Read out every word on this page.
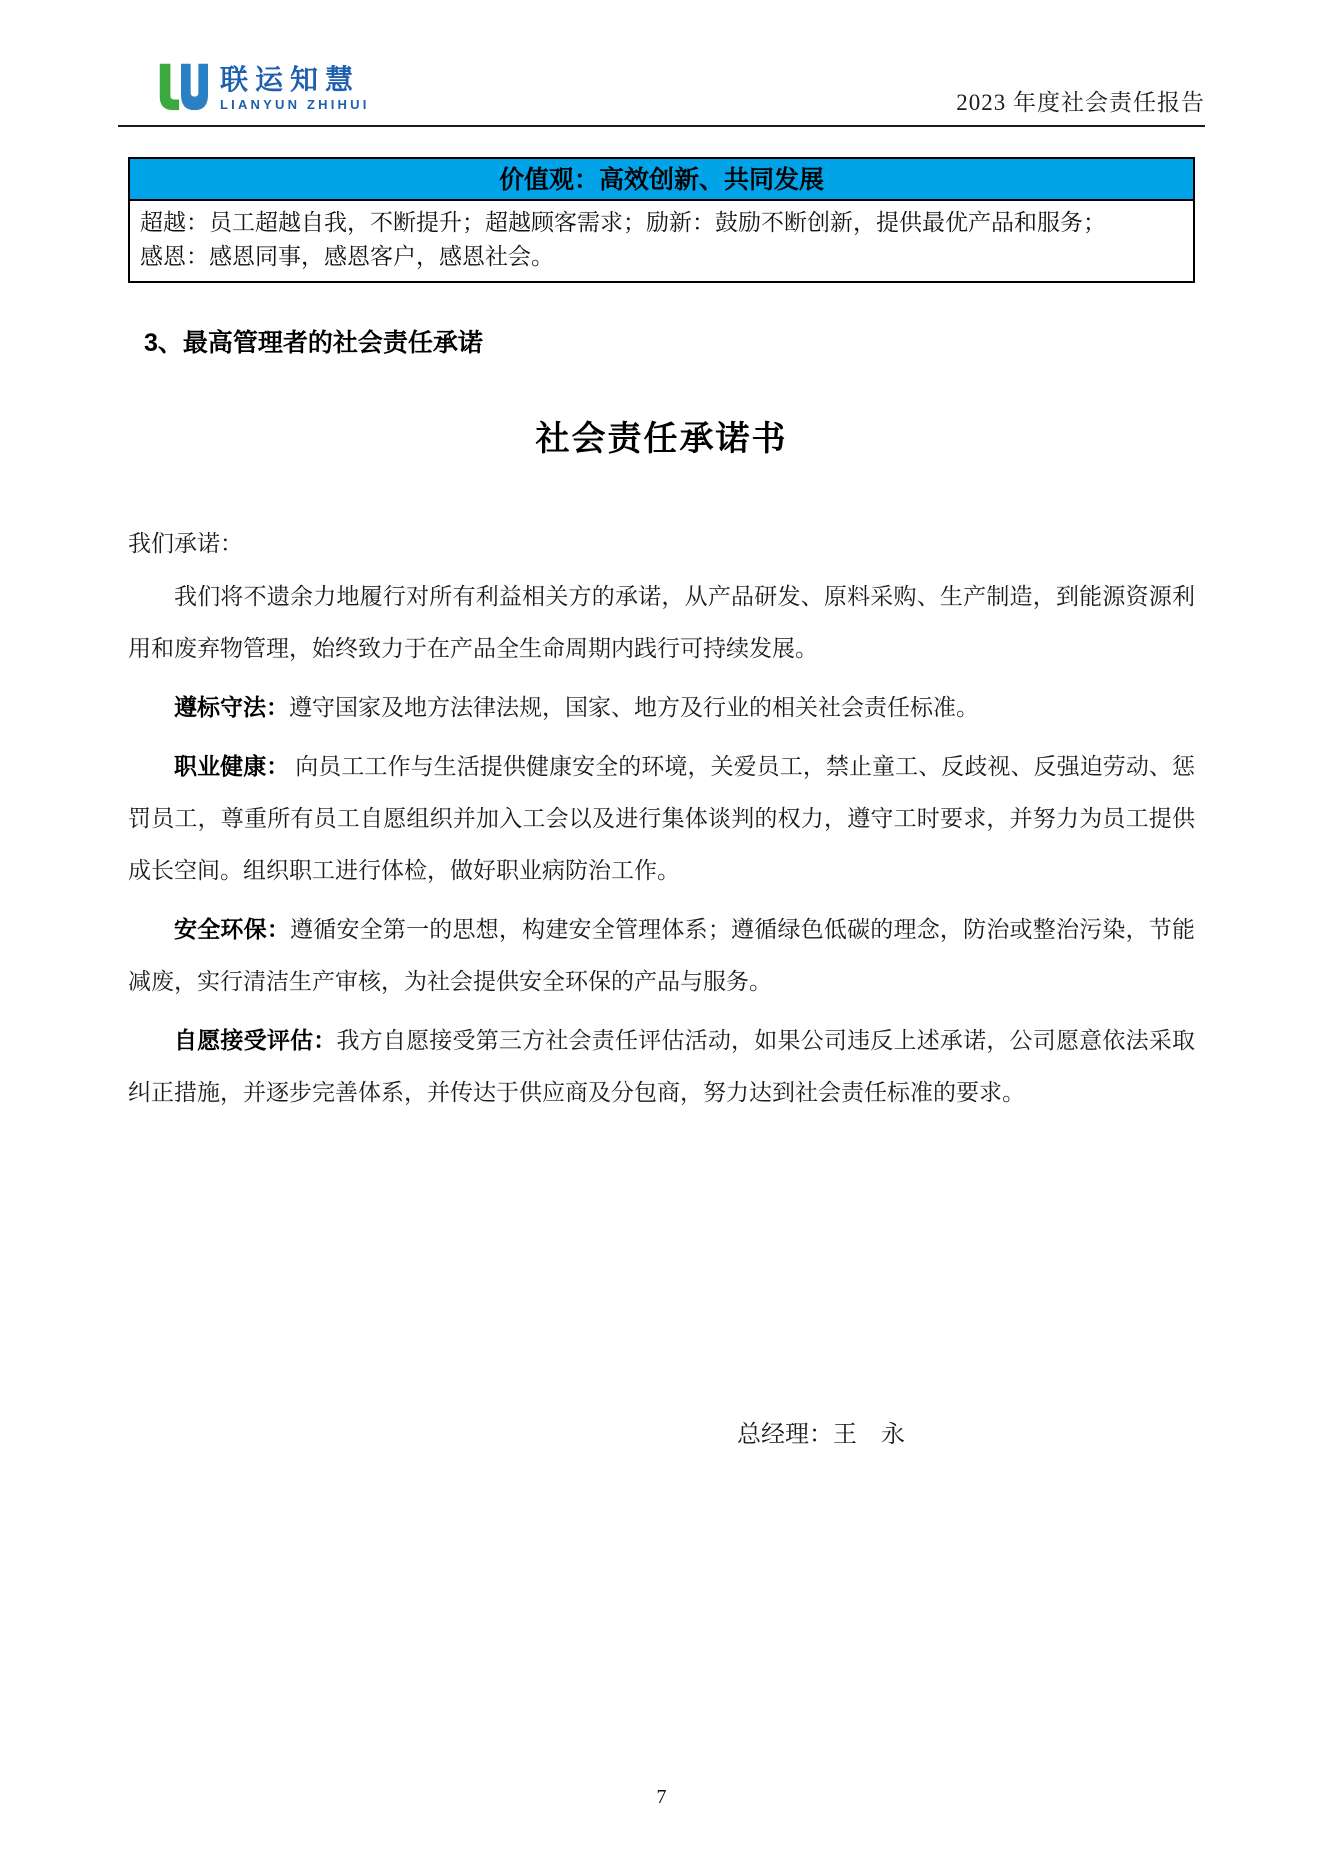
联运知慧
LIANYUN ZHIHUI	2023 年度社会责任报告
价值观：高效创新、共同发展
超越：员工超越自我，不断提升；超越顾客需求；励新：鼓励不断创新，提供最优产品和服务；
感恩：感恩同事，感恩客户，感恩社会。
3、最高管理者的社会责任承诺
社会责任承诺书

我们承诺：

我们将不遗余力地履行对所有利益相关方的承诺，从产品研发、原料采购、生产制造，到能源资源利用和废弃物管理，始终致力于在产品全生命周期内践行可持续发展。

遵标守法：遵守国家及地方法律法规，国家、地方及行业的相关社会责任标准。

职业健康： 向员工工作与生活提供健康安全的环境，关爱员工，禁止童工、反歧视、反强迫劳动、惩罚员工，尊重所有员工自愿组织并加入工会以及进行集体谈判的权力，遵守工时要求，并努力为员工提供成长空间。组织职工进行体检，做好职业病防治工作。

安全环保：遵循安全第一的思想，构建安全管理体系；遵循绿色低碳的理念，防治或整治污染，节能减废，实行清洁生产审核，为社会提供安全环保的产品与服务。

自愿接受评估：我方自愿接受第三方社会责任评估活动，如果公司违反上述承诺，公司愿意依法采取纠正措施，并逐步完善体系，并传达于供应商及分包商，努力达到社会责任标准的要求。

总经理：王　永
7
